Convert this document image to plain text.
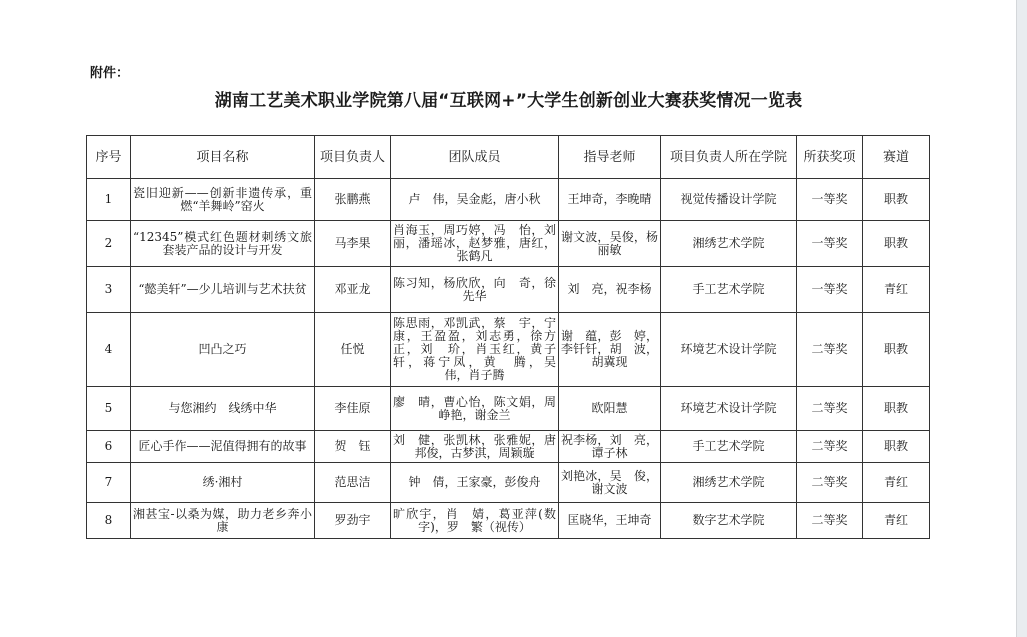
附件：
湖南工艺美术职业学院第八届“互联网+”大学生创新创业大赛获奖情况一览表
序号	项目名称	项目负责人	团队成员	指导老师	项目负责人所在学院	所获奖项	赛道
1	瓷旧迎新——创新非遗传承，重燃“羊舞岭”窑火	张鹏燕	卢　伟，吴金彪，唐小秋	王坤奇，李晚晴	视觉传播设计学院	一等奖	职教
2	“12345”模式红色题材刺绣文旅套装产品的设计与开发	马李果	肖海玉，周巧婷，冯　怡，刘丽，潘瑶冰，赵梦雅，唐红，张鹤凡	谢文波，吴俊，杨丽敏	湘绣艺术学院	一等奖	职教
3	“懿美轩”—少儿培训与艺术扶贫	邓亚龙	陈习知，杨欣欣，向　奇，徐先华	刘　亮，祝李杨	手工艺术学院	一等奖	青红
4	凹凸之巧	任悦	陈思雨，邓凯武，蔡　宇，宁　康，王盈盈，刘志勇，徐方正，刘　玠，肖玉红，黄子轩，蒋宁凤，黄　腾，吴　伟，肖子腾	谢　蕴，彭　婷，李钎钎，胡　波，胡冀现	环境艺术设计学院	二等奖	职教
5	与您湘约　线绣中华	李佳原	廖　晴，曹心怡，陈文娟，周峥艳，谢金兰	欧阳慧	环境艺术设计学院	二等奖	职教
6	匠心手作——泥值得拥有的故事	贺　钰	刘　健，张凯林，张雅妮，唐邦俊，古梦淇，周颖璇	祝李杨，刘　亮，谭子林	手工艺术学院	二等奖	职教
7	绣·湘村	范思洁	钟　倩，王家豪，彭俊舟	刘艳冰，吴　俊，谢文波	湘绣艺术学院	二等奖	青红
8	湘甚宝-以桑为媒，助力老乡奔小康	罗劲宇	旷欣宇，肖　婧，葛亚萍(数字)，罗　繁（视传）	匡晓华，王坤奇	数字艺术学院	二等奖	青红
